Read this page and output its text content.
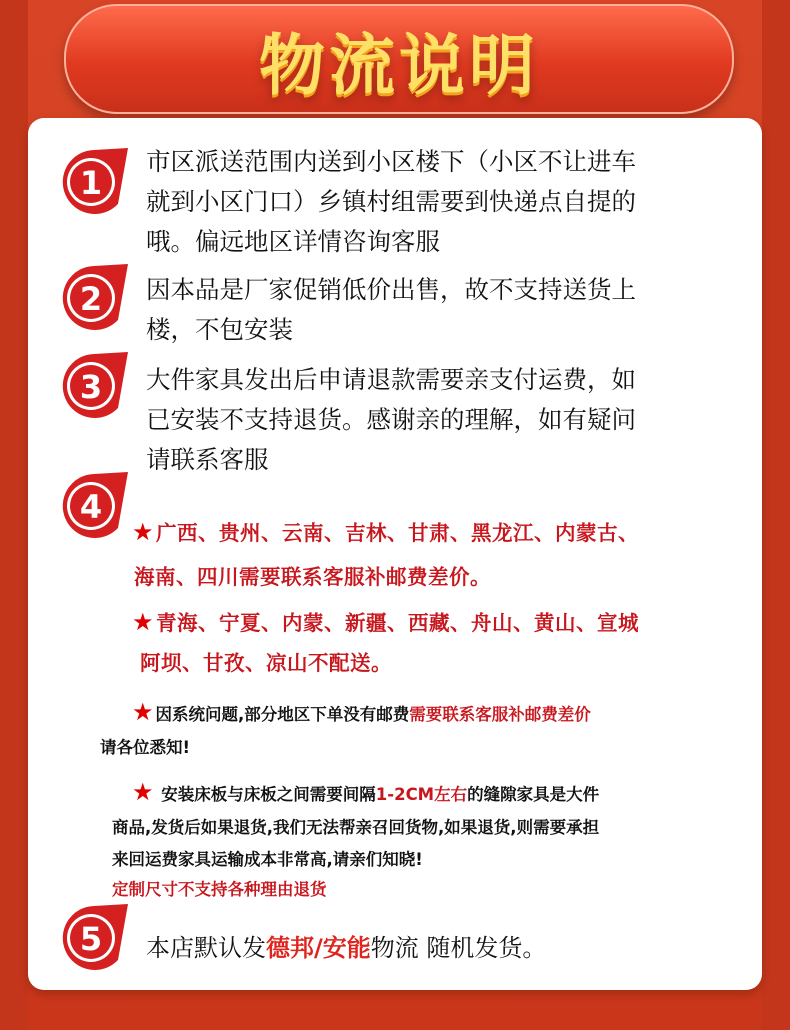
物流说明
1
2
3
4
5
市区派送范围内送到小区楼下（小区不让进车
就到小区门口）乡镇村组需要到快递点自提的
哦。偏远地区详情咨询客服
因本品是厂家促销低价出售，故不支持送货上
楼，不包安装
大件家具发出后申请退款需要亲支付运费，如
已安装不支持退货。感谢亲的理解，如有疑问
请联系客服
★广西、贵州、云南、吉林、甘肃、黑龙江、内蒙古、
海南、四川需要联系客服补邮费差价。
★青海、宁夏、内蒙、新疆、西藏、舟山、黄山、宣城
阿坝、甘孜、凉山不配送。
★ 因系统问题,部分地区下单没有邮费需要联系客服补邮费差价
请各位悉知!
★ 安装床板与床板之间需要间隔1-2CM左右的缝隙家具是大件
商品,发货后如果退货,我们无法帮亲召回货物,如果退货,则需要承担
来回运费家具运输成本非常高,请亲们知晓!
定制尺寸不支持各种理由退货
本店默认发德邦/安能物流 随机发货。
